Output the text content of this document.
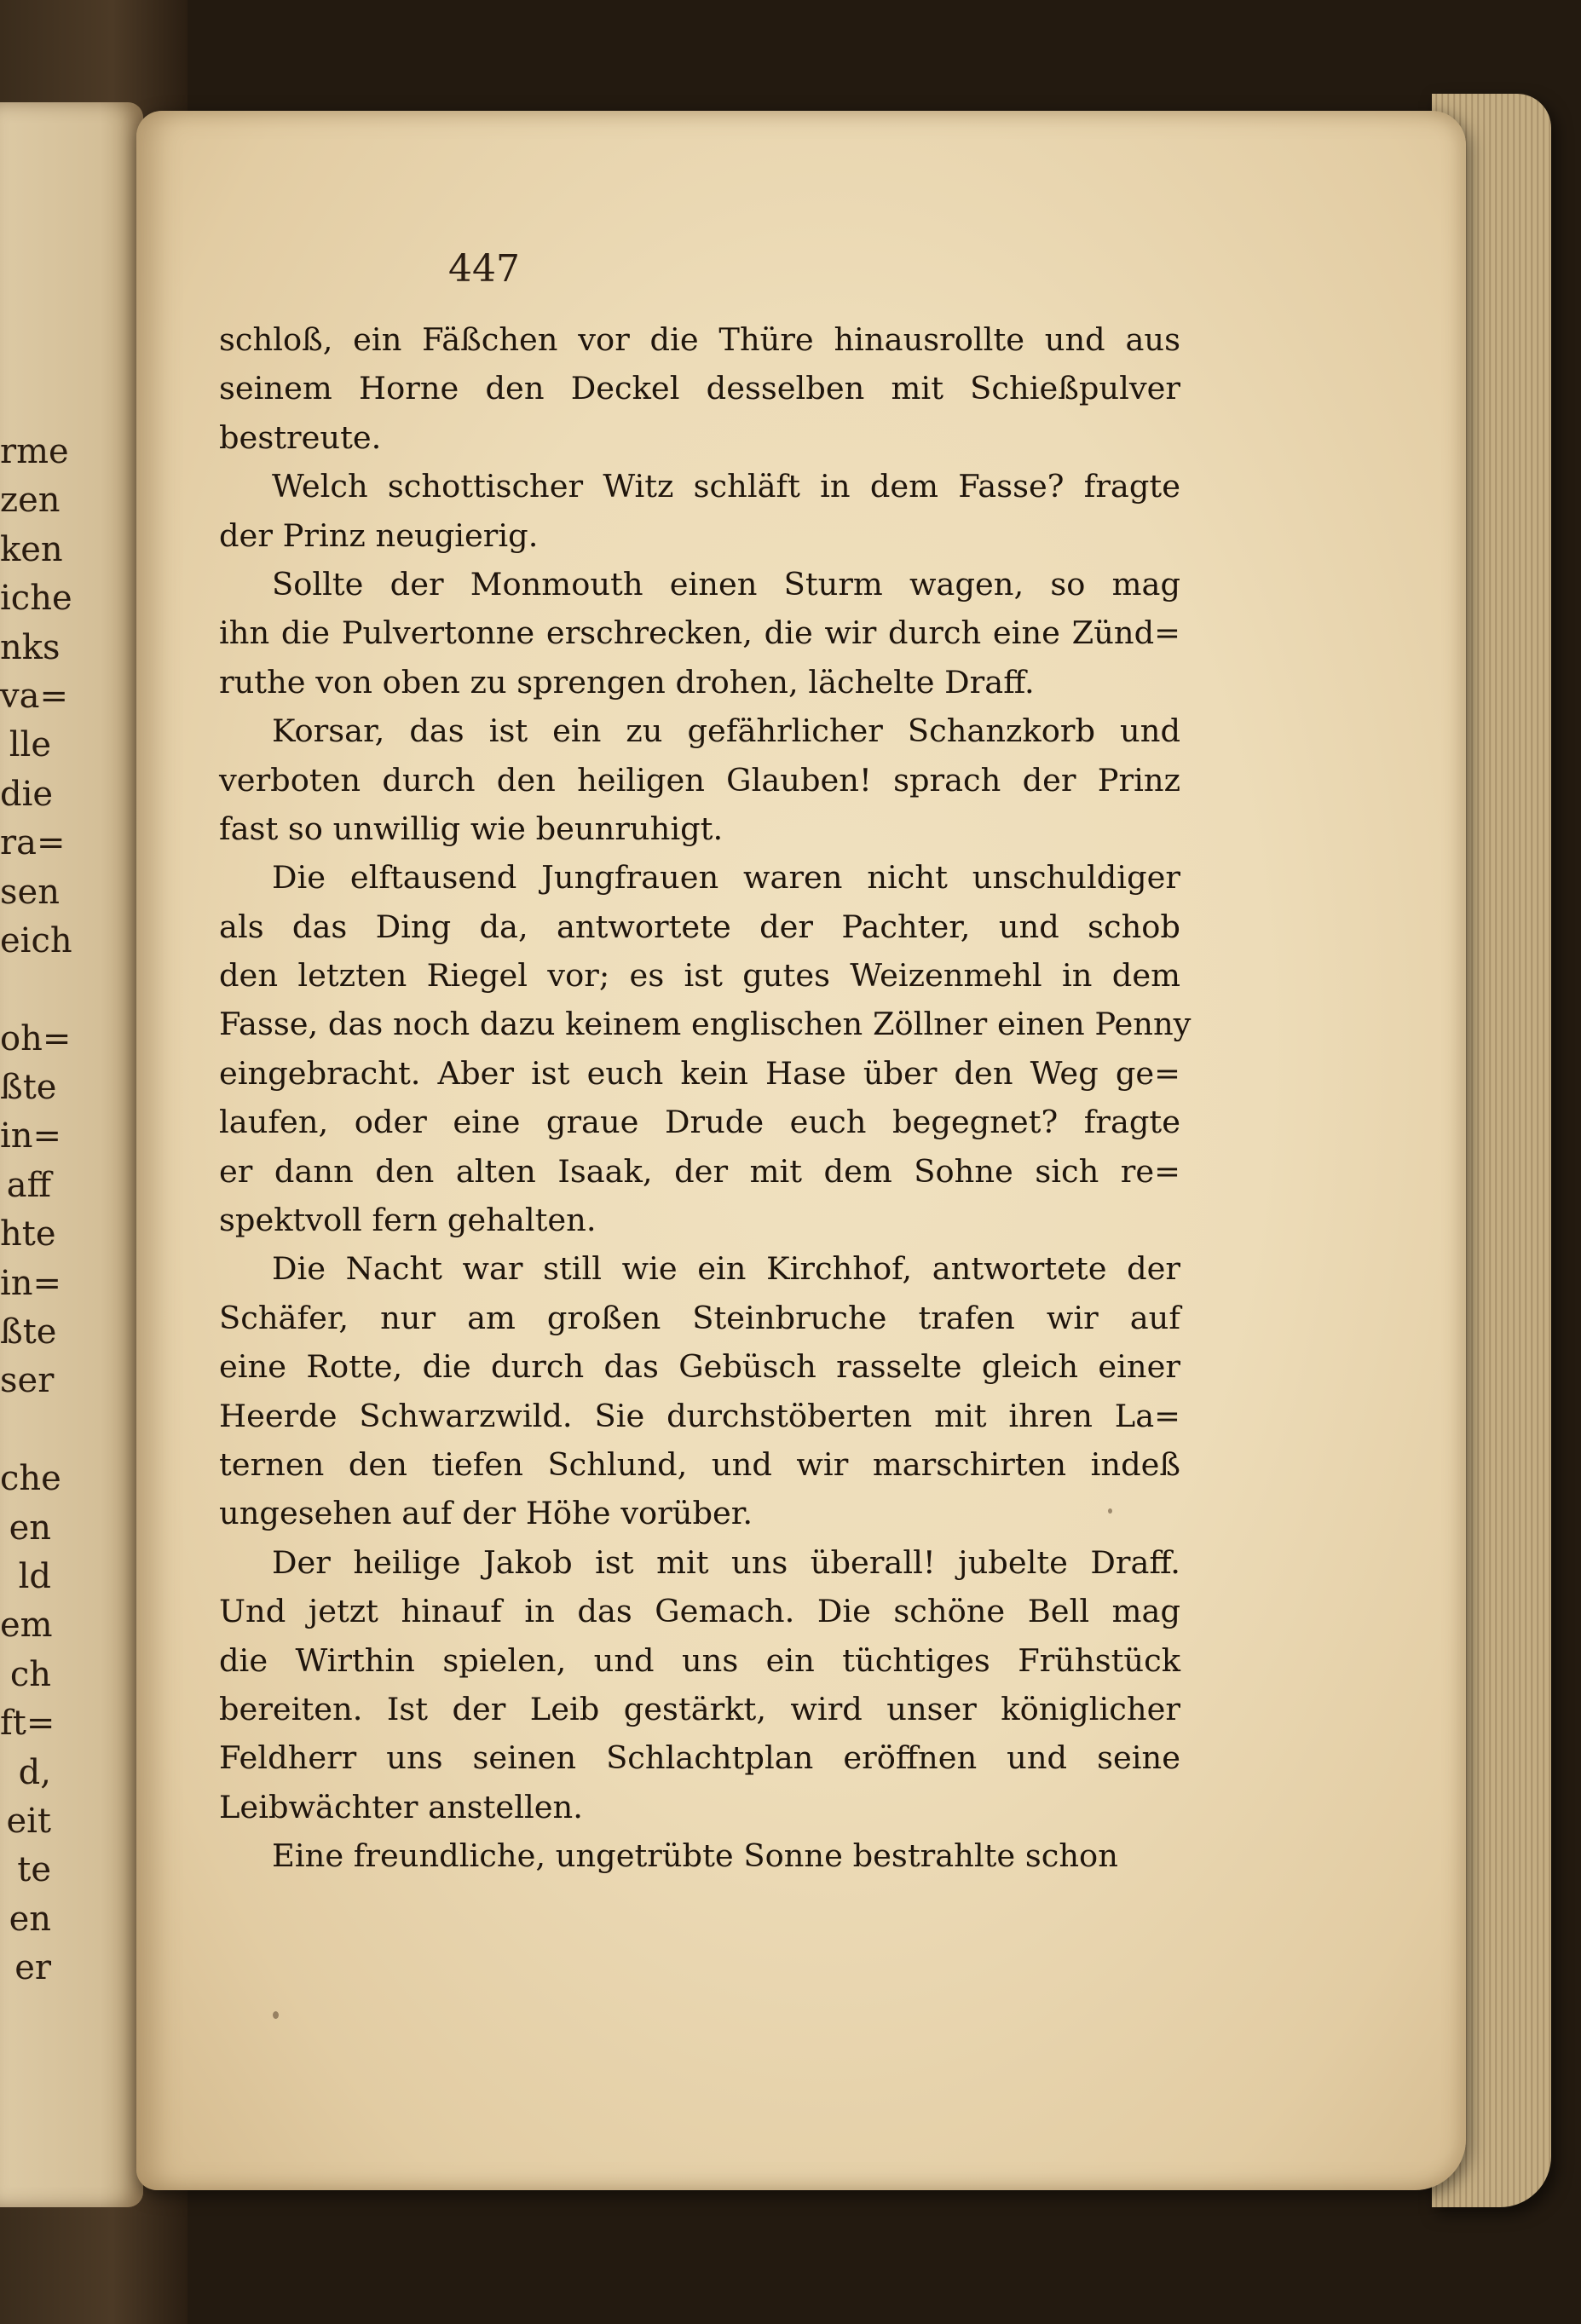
rme
zen
ken
iche
nks
va=
lle
die
ra=
sen
eich
oh=
ßte
in=
aff
hte
in=
ßte
ser
che
en
ld
em
ch
ft=
d,
eit
te
en
er
447
schloß, ein Fäßchen vor die Thüre hinausrollte und aus
seinem Horne den Deckel desselben mit Schießpulver
bestreute.
Welch schottischer Witz schläft in dem Fasse? fragte
der Prinz neugierig.
Sollte der Monmouth einen Sturm wagen, so mag
ihn die Pulvertonne erschrecken, die wir durch eine Zünd=
ruthe von oben zu sprengen drohen, lächelte Draff.
Korsar, das ist ein zu gefährlicher Schanzkorb und
verboten durch den heiligen Glauben! sprach der Prinz
fast so unwillig wie beunruhigt.
Die elftausend Jungfrauen waren nicht unschuldiger
als das Ding da, antwortete der Pachter, und schob
den letzten Riegel vor; es ist gutes Weizenmehl in dem
Fasse, das noch dazu keinem englischen Zöllner einen Penny
eingebracht. Aber ist euch kein Hase über den Weg ge=
laufen, oder eine graue Drude euch begegnet? fragte
er dann den alten Isaak, der mit dem Sohne sich re=
spektvoll fern gehalten.
Die Nacht war still wie ein Kirchhof, antwortete der
Schäfer, nur am großen Steinbruche trafen wir auf
eine Rotte, die durch das Gebüsch rasselte gleich einer
Heerde Schwarzwild. Sie durchstöberten mit ihren La=
ternen den tiefen Schlund, und wir marschirten indeß
ungesehen auf der Höhe vorüber.
Der heilige Jakob ist mit uns überall! jubelte Draff.
Und jetzt hinauf in das Gemach. Die schöne Bell mag
die Wirthin spielen, und uns ein tüchtiges Frühstück
bereiten. Ist der Leib gestärkt, wird unser königlicher
Feldherr uns seinen Schlachtplan eröffnen und seine
Leibwächter anstellen.
Eine freundliche, ungetrübte Sonne bestrahlte schon
